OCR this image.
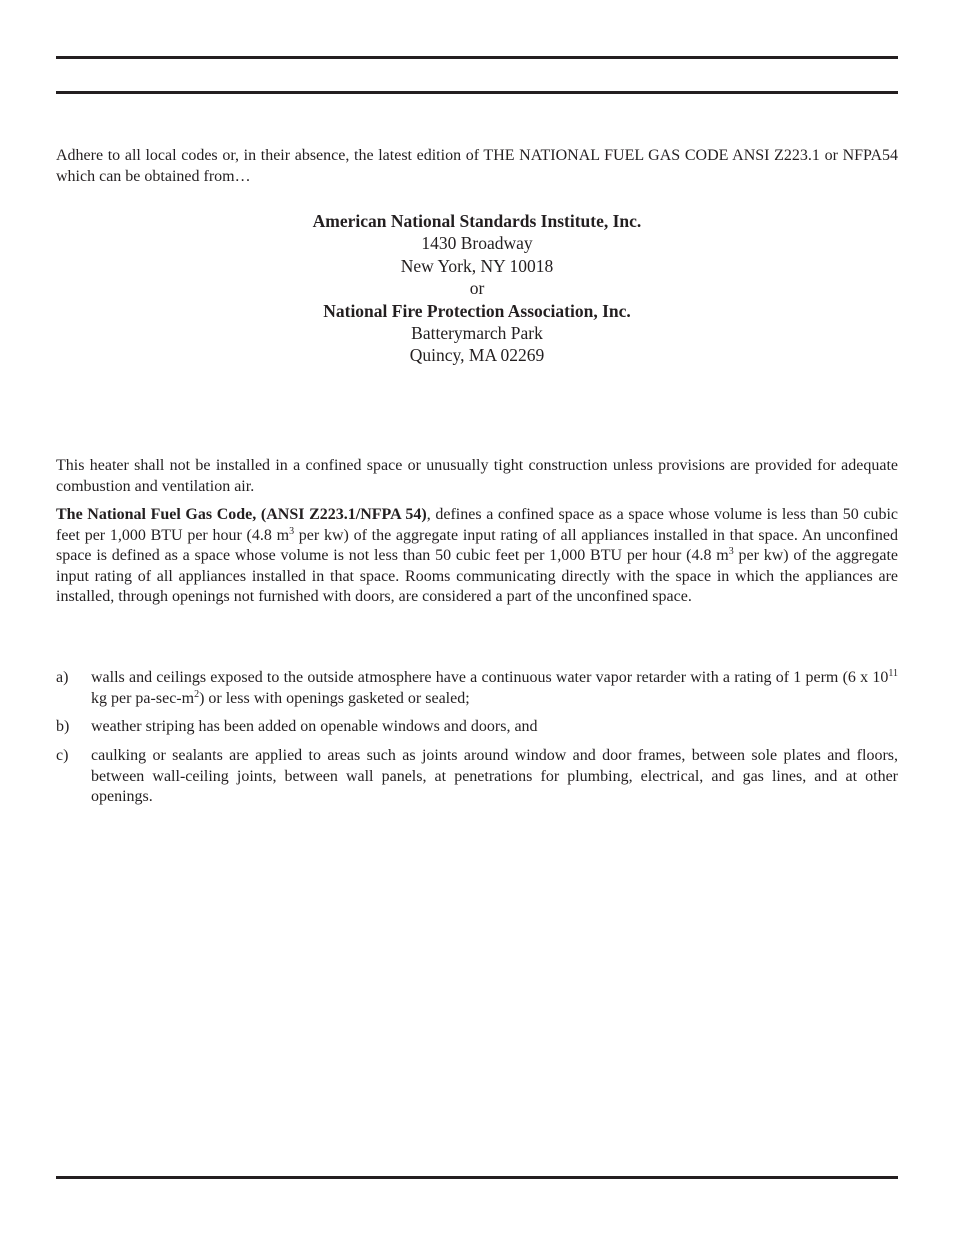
Adhere to all local codes or, in their absence, the latest edition of THE NATIONAL FUEL GAS CODE ANSI Z223.1 or NFPA54 which can be obtained from…

American National Standards Institute, Inc.
1430 Broadway
New York, NY 10018
or
National Fire Protection Association, Inc.
Batterymarch Park
Quincy, MA 02269

This heater shall not be installed in a confined space or unusually tight construction unless provisions are provided for adequate combustion and ventilation air.

The National Fuel Gas Code, (ANSI Z223.1/NFPA 54), defines a confined space as a space whose volume is less than 50 cubic feet per 1,000 BTU per hour (4.8 $m^3$ per kw) of the aggregate input rating of all appliances installed in that space. An unconfined space is defined as a space whose volume is not less than 50 cubic feet per 1,000 BTU per hour (4.8 $m^3$ per kw) of the aggregate input rating of all appliances installed in that space. Rooms communicating directly with the space in which the appliances are installed, through openings not furnished with doors, are considered a part of the unconfined space.

a) walls and ceilings exposed to the outside atmosphere have a continuous water vapor retarder with a rating of 1 perm (6 x $10^{11}$ kg per $pa-\sec-m^2$) or less with openings gasketed or sealed;
b) weather striping has been added on openable windows and doors, and
c) caulking or sealants are applied to areas such as joints around window and door frames, between sole plates and floors, between wall-ceiling joints, between wall panels, at penetrations for plumbing, electrical, and gas lines, and at other openings.
